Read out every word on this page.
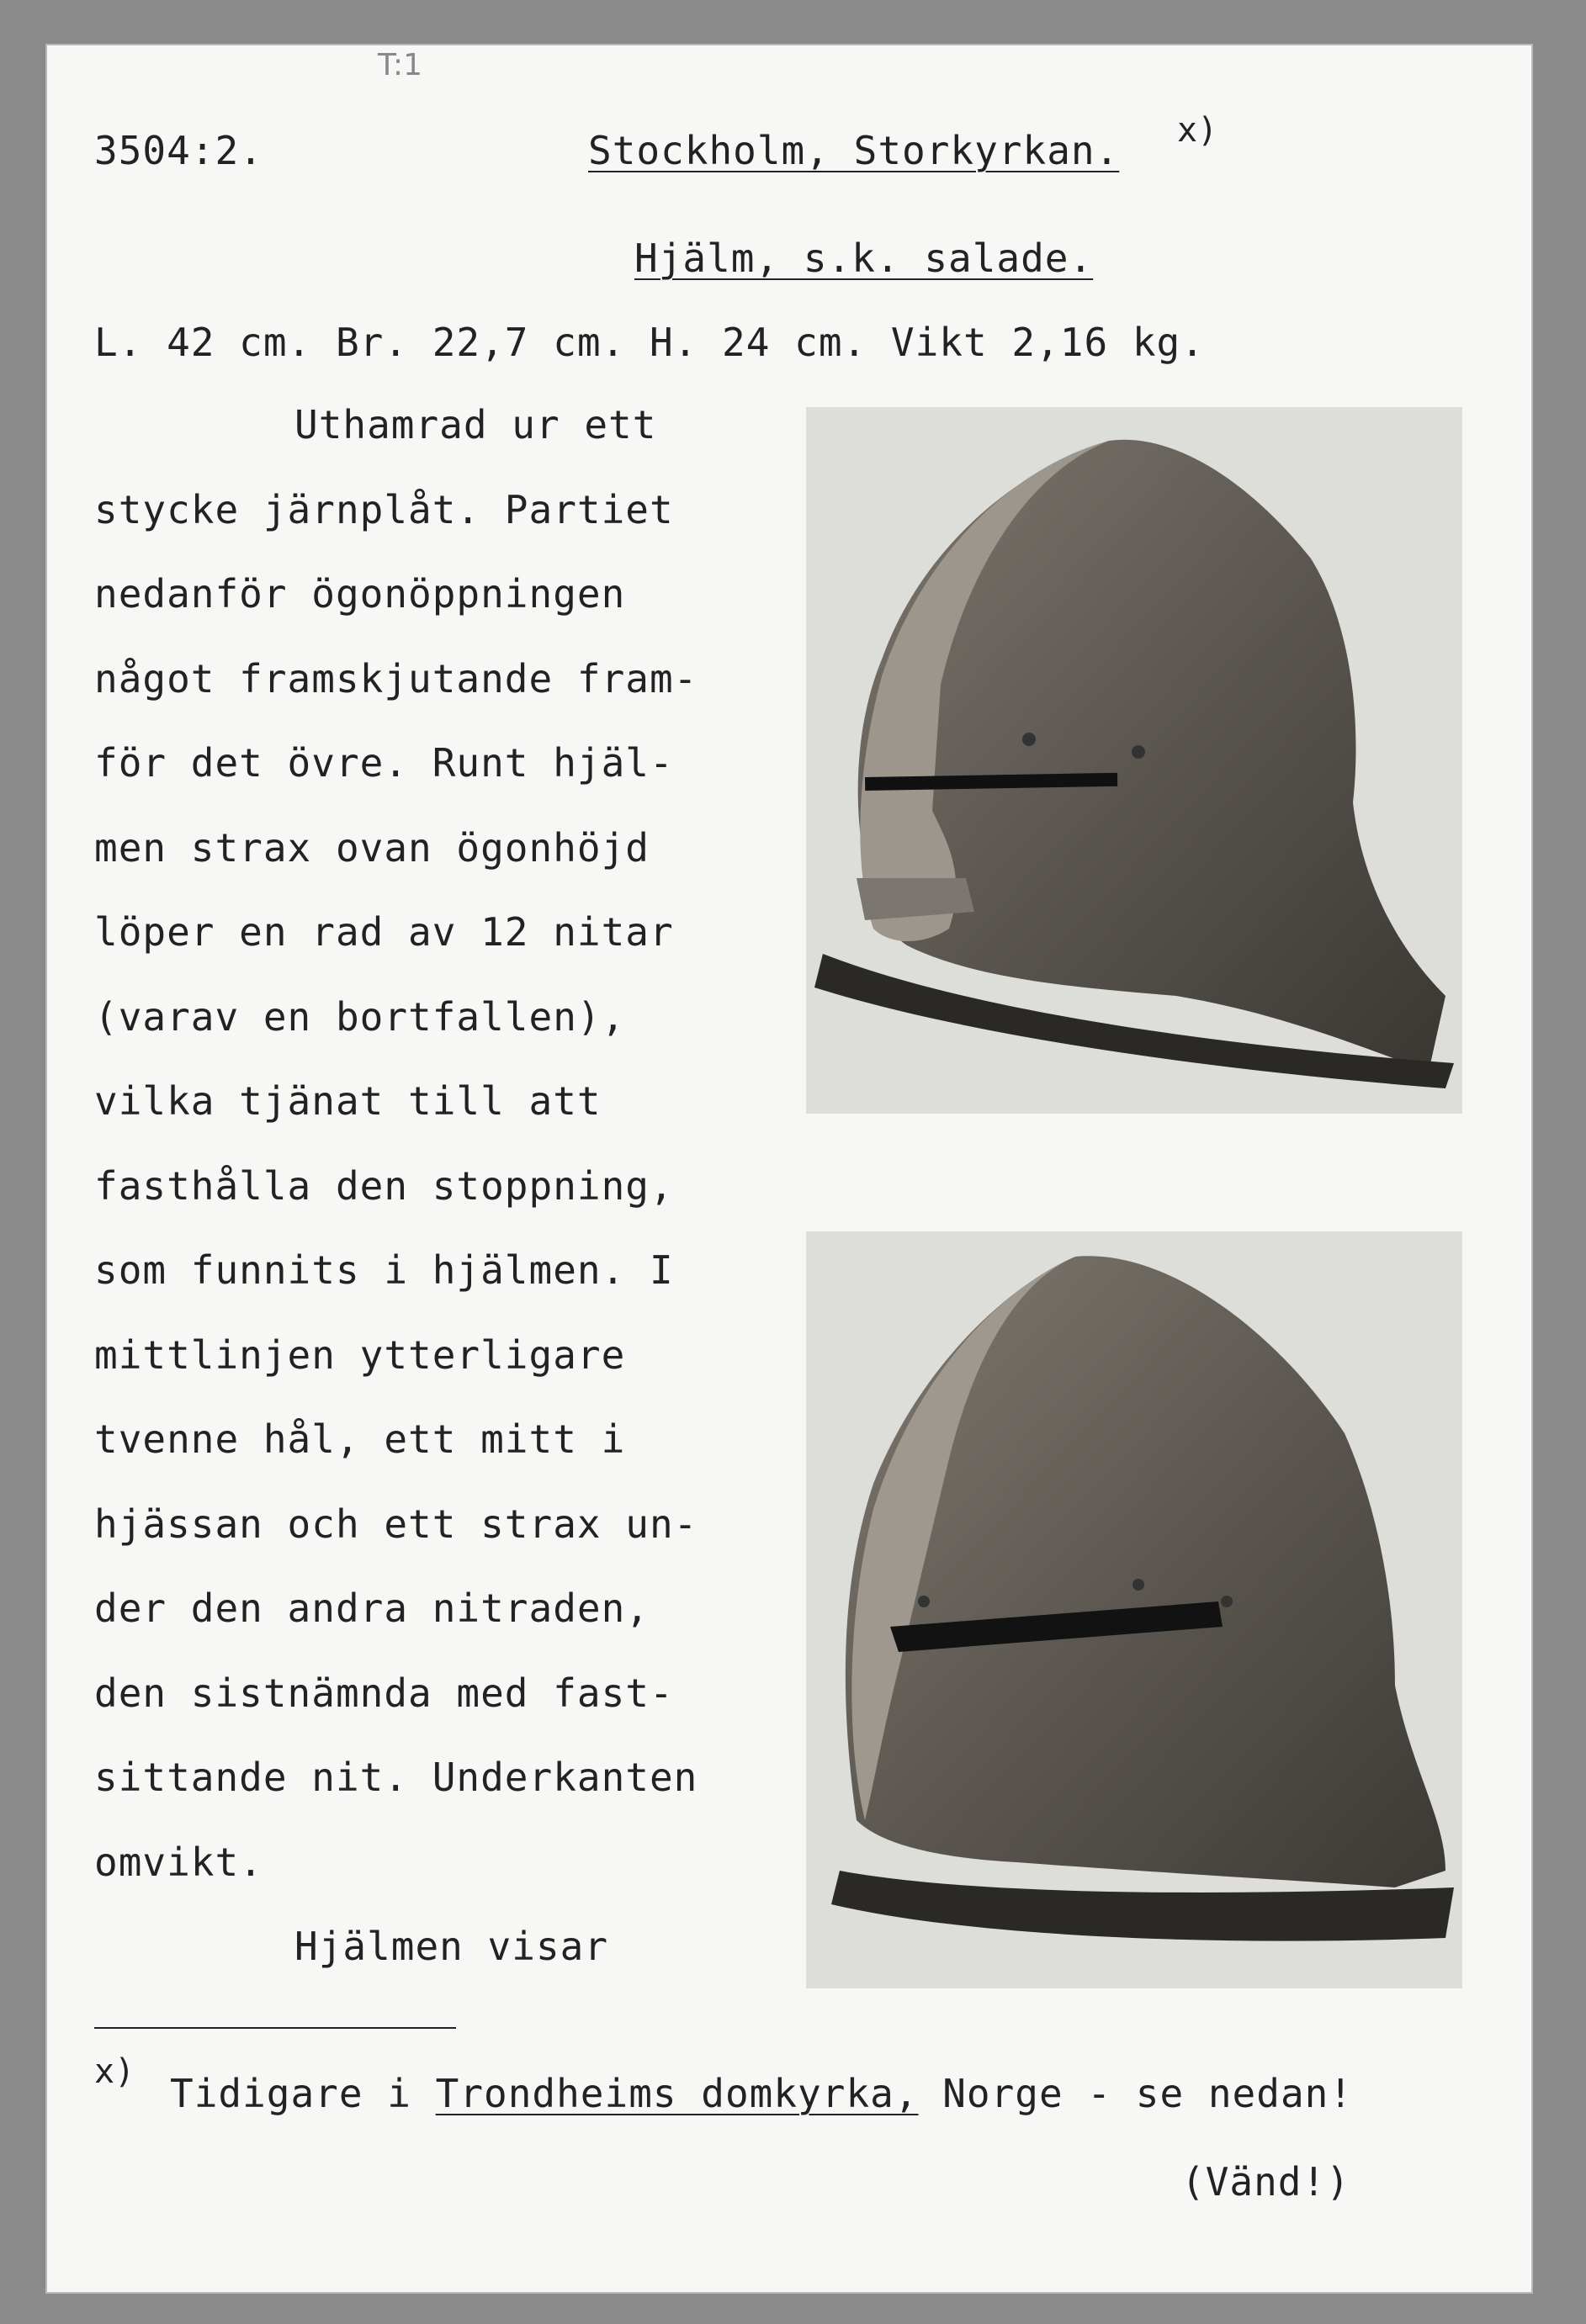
T:1
3504:2.	Stockholm, Storkyrkan. x)
Hjälm, s.k. salade.
L. 42 cm. Br. 22,7 cm. H. 24 cm. Vikt 2,16 kg.
Uthamrad ur ett
stycke järnplåt. Partiet
nedanför ögonöppningen
något framskjutande fram-
för det övre. Runt hjäl-
men strax ovan ögonhöjd
löper en rad av 12 nitar
(varav en bortfallen),
vilka tjänat till att
fasthålla den stoppning,
som funnits i hjälmen. I
mittlinjen ytterligare
tvenne hål, ett mitt i
hjässan och ett strax un-
der den andra nitraden,
den sistnämnda med fast-
sittande nit. Underkanten
omvikt.
Hjälmen visar
x) Tidigare i Trondheims domkyrka, Norge - se nedan!
(Vänd!)
